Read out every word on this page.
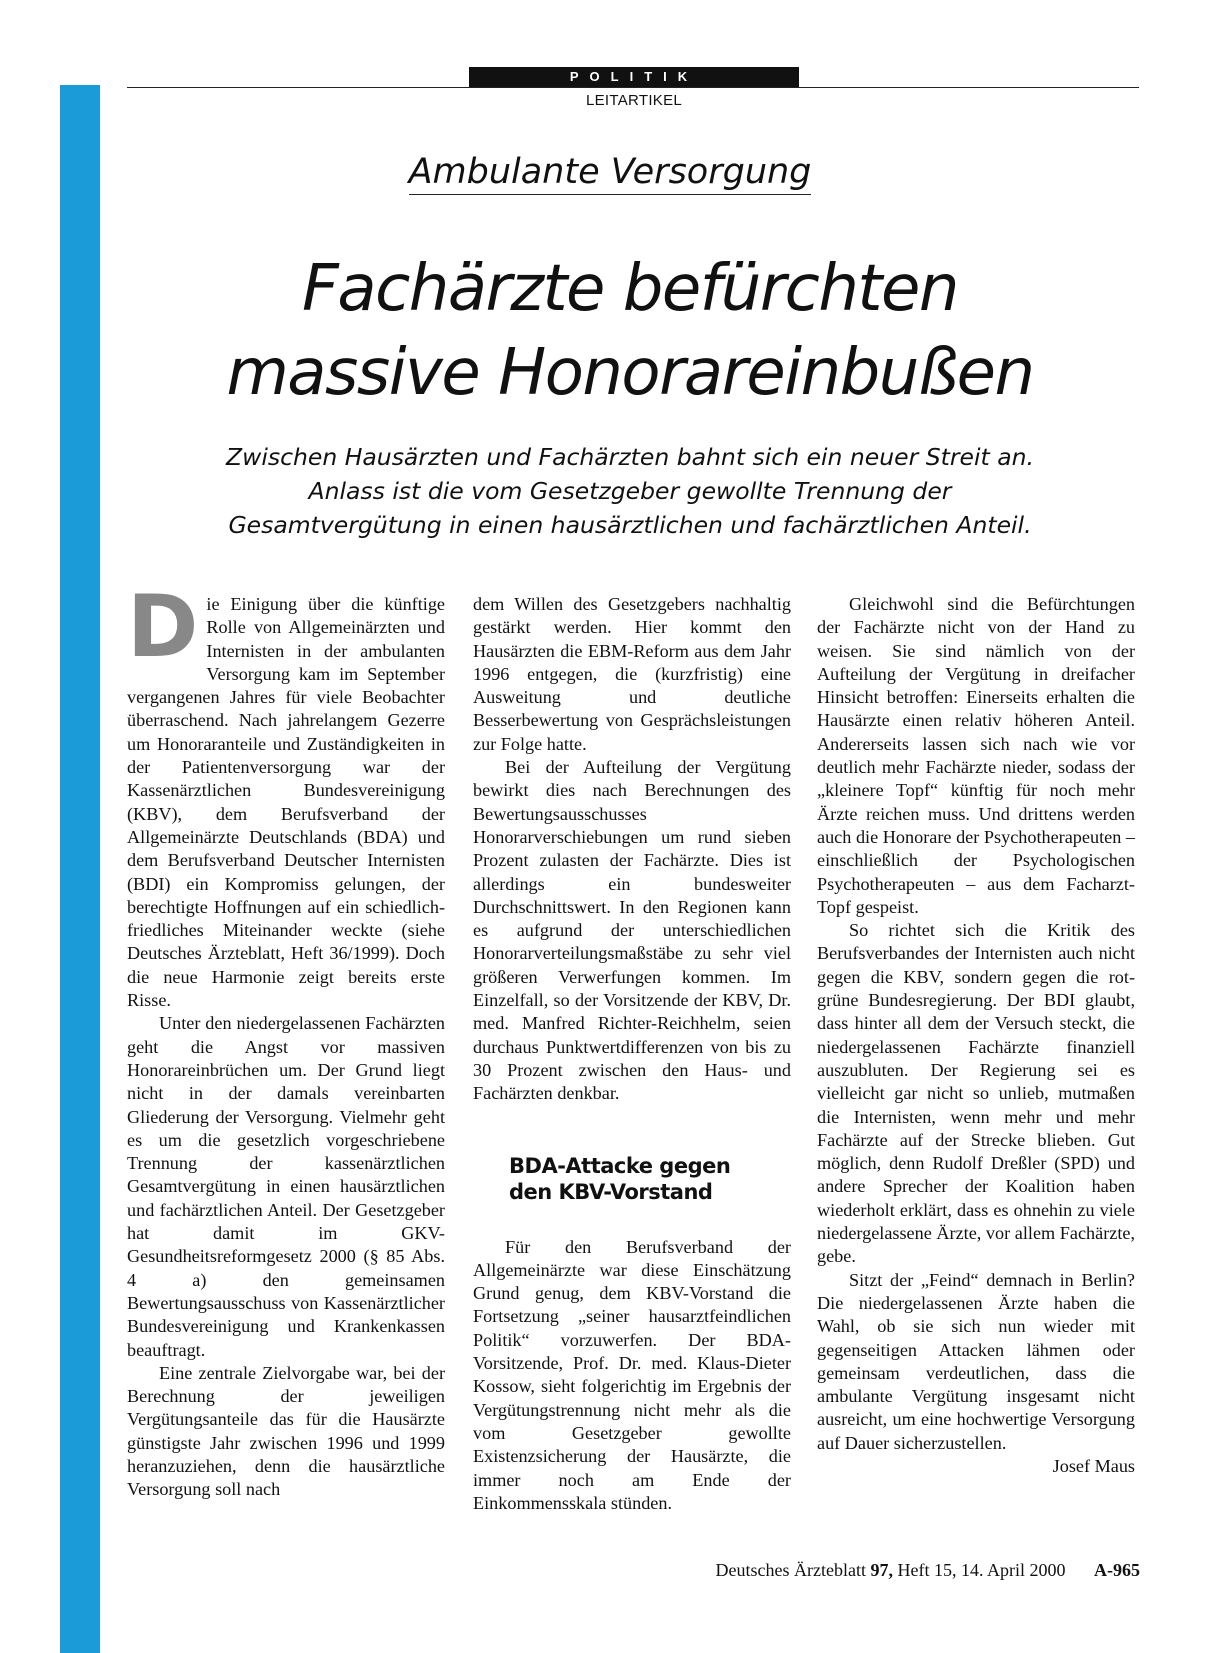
POLITIK
LEITARTIKEL
Ambulante Versorgung
Fachärzte befürchten
massive Honorareinbußen
Zwischen Hausärzten und Fachärzten bahnt sich ein neuer Streit an.
Anlass ist die vom Gesetzgeber gewollte Trennung der
Gesamtvergütung in einen hausärztlichen und fachärztlichen Anteil.

Die Einigung über die künftige Rolle von Allgemeinärzten und Internisten in der ambulanten Versorgung kam im September vergangenen Jahres für viele Beobachter überraschend. Nach jahrelangem Gezerre um Honoraranteile und Zuständigkeiten in der Patientenversorgung war der Kassenärztlichen Bundesvereinigung (KBV), dem Berufsverband der Allgemeinärzte Deutschlands (BDA) und dem Berufsverband Deutscher Internisten (BDI) ein Kompromiss gelungen, der berechtigte Hoffnungen auf ein schiedlich-friedliches Miteinander weckte (siehe Deutsches Ärzteblatt, Heft 36/1999). Doch die neue Harmonie zeigt bereits erste Risse.

Unter den niedergelassenen Fachärzten geht die Angst vor massiven Honorareinbrüchen um. Der Grund liegt nicht in der damals vereinbarten Gliederung der Versorgung. Vielmehr geht es um die gesetzlich vorgeschriebene Trennung der kassenärztlichen Gesamtvergütung in einen hausärztlichen und fachärztlichen Anteil. Der Gesetzgeber hat damit im GKV-Gesundheitsreformgesetz 2000 (§ 85 Abs. 4 a) den gemeinsamen Bewertungsausschuss von Kassenärztlicher Bundesvereinigung und Krankenkassen beauftragt.

Eine zentrale Zielvorgabe war, bei der Berechnung der jeweiligen Vergütungsanteile das für die Hausärzte günstigste Jahr zwischen 1996 und 1999 heranzuziehen, denn die hausärztliche Versorgung soll nach

dem Willen des Gesetzgebers nachhaltig gestärkt werden. Hier kommt den Hausärzten die EBM-Reform aus dem Jahr 1996 entgegen, die (kurzfristig) eine Ausweitung und deutliche Besserbewertung von Gesprächsleistungen zur Folge hatte.

Bei der Aufteilung der Vergütung bewirkt dies nach Berechnungen des Bewertungsausschusses Honorarverschiebungen um rund sieben Prozent zulasten der Fachärzte. Dies ist allerdings ein bundesweiter Durchschnittswert. In den Regionen kann es aufgrund der unterschiedlichen Honorarverteilungsmaßstäbe zu sehr viel größeren Verwerfungen kommen. Im Einzelfall, so der Vorsitzende der KBV, Dr. med. Manfred Richter-Reichhelm, seien durchaus Punktwertdifferenzen von bis zu 30 Prozent zwischen den Haus- und Fachärzten denkbar.

BDA-Attacke gegen
den KBV-Vorstand

Für den Berufsverband der Allgemeinärzte war diese Einschätzung Grund genug, dem KBV-Vorstand die Fortsetzung „seiner hausarztfeindlichen Politik“ vorzuwerfen. Der BDA-Vorsitzende, Prof. Dr. med. Klaus-Dieter Kossow, sieht folgerichtig im Ergebnis der Vergütungstrennung nicht mehr als die vom Gesetzgeber gewollte Existenzsicherung der Hausärzte, die immer noch am Ende der Einkommensskala stünden.

Gleichwohl sind die Befürchtungen der Fachärzte nicht von der Hand zu weisen. Sie sind nämlich von der Aufteilung der Vergütung in dreifacher Hinsicht betroffen: Einerseits erhalten die Hausärzte einen relativ höheren Anteil. Andererseits lassen sich nach wie vor deutlich mehr Fachärzte nieder, sodass der „kleinere Topf“ künftig für noch mehr Ärzte reichen muss. Und drittens werden auch die Honorare der Psychotherapeuten – einschließlich der Psychologischen Psychotherapeuten – aus dem Facharzt-Topf gespeist.

So richtet sich die Kritik des Berufsverbandes der Internisten auch nicht gegen die KBV, sondern gegen die rot-grüne Bundesregierung. Der BDI glaubt, dass hinter all dem der Versuch steckt, die niedergelassenen Fachärzte finanziell auszubluten. Der Regierung sei es vielleicht gar nicht so unlieb, mutmaßen die Internisten, wenn mehr und mehr Fachärzte auf der Strecke blieben. Gut möglich, denn Rudolf Dreßler (SPD) und andere Sprecher der Koalition haben wiederholt erklärt, dass es ohnehin zu viele niedergelassene Ärzte, vor allem Fachärzte, gebe.

Sitzt der „Feind“ demnach in Berlin? Die niedergelassenen Ärzte haben die Wahl, ob sie sich nun wieder mit gegenseitigen Attacken lähmen oder gemeinsam verdeutlichen, dass die ambulante Vergütung insgesamt nicht ausreicht, um eine hochwertige Versorgung auf Dauer sicherzustellen.
Josef Maus

Deutsches Ärzteblatt 97, Heft 15, 14. April 2000 A-965
